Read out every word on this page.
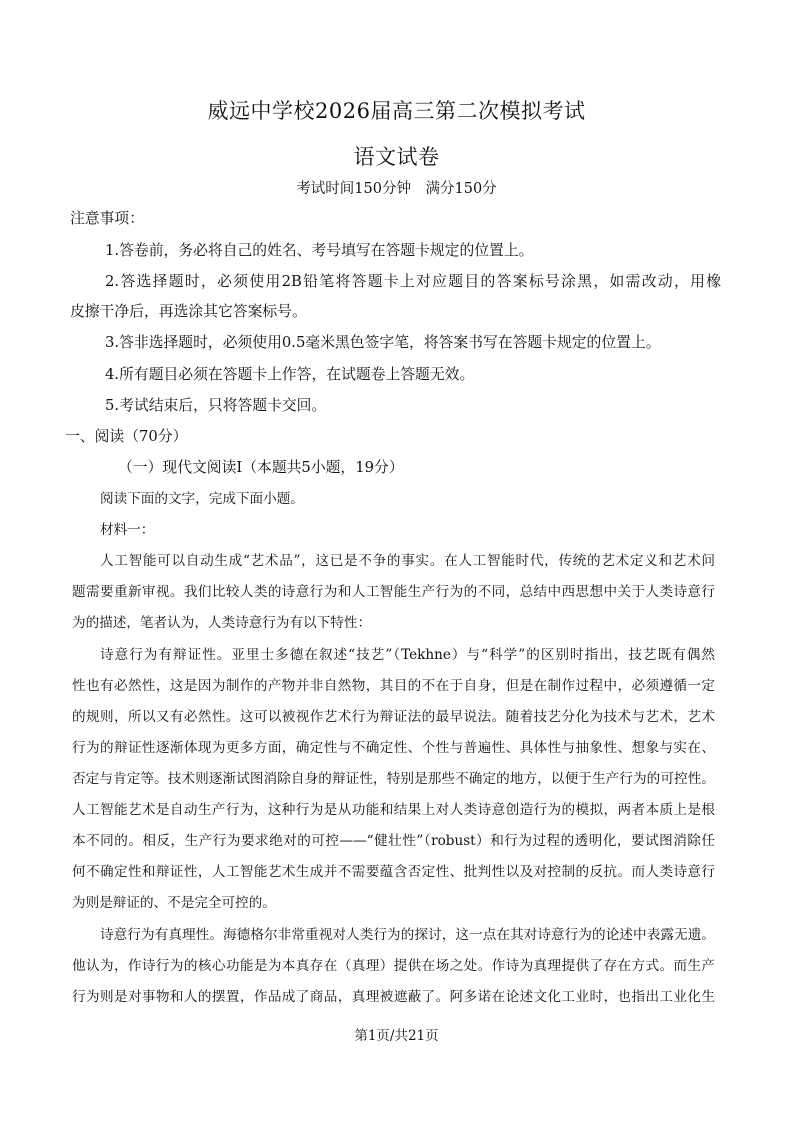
威远中学校2026届高三第二次模拟考试
语文试卷
考试时间150分钟　满分150分
注意事项：
1.答卷前，务必将自己的姓名、考号填写在答题卡规定的位置上。
2.答选择题时，必须使用2B铅笔将答题卡上对应题目的答案标号涂黑，如需改动，用橡
皮擦干净后，再选涂其它答案标号。
3.答非选择题时，必须使用0.5毫米黑色签字笔，将答案书写在答题卡规定的位置上。
4.所有题目必须在答题卡上作答，在试题卷上答题无效。
5.考试结束后，只将答题卡交回。
一、阅读（70分）
（一）现代文阅读Ⅰ（本题共5小题，19分）
阅读下面的文字，完成下面小题。
材料一：
人工智能可以自动生成“艺术品”，这已是不争的事实。在人工智能时代，传统的艺术定义和艺术问
题需要重新审视。我们比较人类的诗意行为和人工智能生产行为的不同，总结中西思想中关于人类诗意行
为的描述，笔者认为，人类诗意行为有以下特性：
诗意行为有辩证性。亚里士多德在叙述“技艺”（Tekhne）与“科学”的区别时指出，技艺既有偶然
性也有必然性，这是因为制作的产物并非自然物，其目的不在于自身，但是在制作过程中，必须遵循一定
的规则，所以又有必然性。这可以被视作艺术行为辩证法的最早说法。随着技艺分化为技术与艺术，艺术
行为的辩证性逐渐体现为更多方面，确定性与不确定性、个性与普遍性、具体性与抽象性、想象与实在、
否定与肯定等。技术则逐渐试图消除自身的辩证性，特别是那些不确定的地方，以便于生产行为的可控性。
人工智能艺术是自动生产行为，这种行为是从功能和结果上对人类诗意创造行为的模拟，两者本质上是根
本不同的。相反，生产行为要求绝对的可控——“健壮性”（robust）和行为过程的透明化，要试图消除任
何不确定性和辩证性，人工智能艺术生成并不需要蕴含否定性、批判性以及对控制的反抗。而人类诗意行
为则是辩证的、不是完全可控的。
诗意行为有真理性。海德格尔非常重视对人类行为的探讨，这一点在其对诗意行为的论述中表露无遗。
他认为，作诗行为的核心功能是为本真存在（真理）提供在场之处。作诗为真理提供了存在方式。而生产
行为则是对事物和人的摆置，作品成了商品，真理被遮蔽了。阿多诺在论述文化工业时，也指出工业化生
第1页/共21页
